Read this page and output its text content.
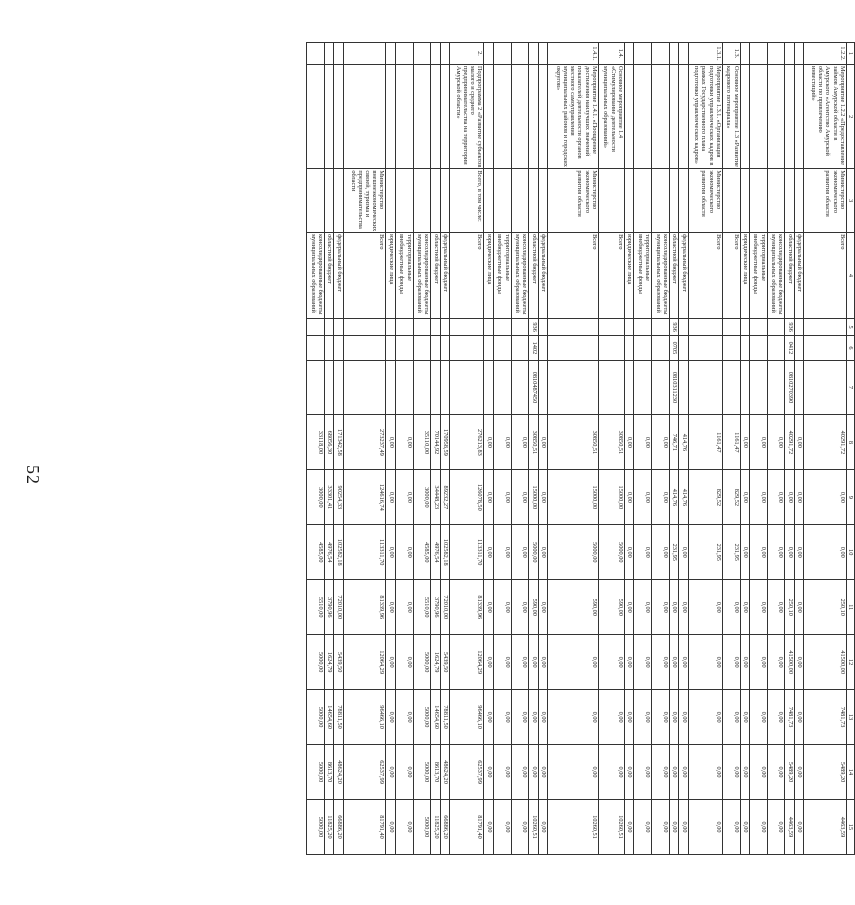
52
1	2	3	4	5	6	7	8	9	10	11	12	13	14	15
1.2.2.	Мероприятие 1.2.2 «Предоставление займов Амурской области в Амурского «Агентство Амурской области по привлечению инвестиций»	Министерство экономического развития области	Всего				40291,72	0,00	0,00	250,10	41500,00	7481,73	5489,20	4463,59
			федеральный бюджет				0,00	0,00	0,00	0,00	0,00	0,00	0,00	0,00
			областной бюджет	936	0412	0810270390	40291,72	0,00	0,00	250,10	41500,00	7481,73	5489,20	4463,59
			консолидированные бюджеты муниципальных образований				0,00	0,00	0,00	0,00	0,00	0,00	0,00	0,00
			территориальные внебюджетные фонды				0,00	0,00	0,00	0,00	0,00	0,00	0,00	0,00
			юридические лица				0,00	0,00	0,00	0,00	0,00	0,00	0,00	0,00
1.3.	Основное мероприятие 1.3 «Развитие кадрового потенциала»		Всего				1161,47	829,52	231,95	0,00	0,00	0,00	0,00	0,00
1.3.1.	Мероприятие 1.3.1. «Организация подготовки управленческих кадров в рамках Государственного плана подготовки управленческих кадров»	Министерство экономического развития области	Всего				1161,47	829,52	231,95	0,00	0,00	0,00	0,00	0,00
			федеральный бюджет				414,76	414,76	0,00	0,00	0,00	0,00	0,00	0,00
			областной бюджет	936	0705	0810311230	746,71	414,76	231,95	0,00	0,00	0,00	0,00	0,00
			консолидированные бюджеты муниципальных образований				0,00	0,00	0,00	0,00	0,00	0,00	0,00	0,00
			территориальные внебюджетные фонды				0,00	0,00	0,00	0,00	0,00	0,00	0,00	0,00
			юридические лица				0,00	0,00	0,00	0,00	0,00	0,00	0,00	0,00
1.4.	Основное мероприятие 1.4 «Стимулирование деятельности муниципальных образований»		Всего				30850,51	15000,00	5000,00	590,00	0,00	0,00	0,00	10260,51
1.4.1.	Мероприятие 1.4.1. «Поощрение достижения наилучших значений показателей деятельности органов местного самоуправления муниципальных районов и городских округов»	Министерство экономического развития области	Всего				30850,51	15000,00	5000,00	590,00	0,00	0,00	0,00	10260,51
			федеральный бюджет				0,00	0,00	0,00	0,00	0,00	0,00	0,00	0,00
			областной бюджет	936	1402	0810487450	30850,51	15000,00	5000,00	590,00	0,00	0,00	0,00	10260,51
			консолидированные бюджеты муниципальных образований				0,00	0,00	0,00	0,00	0,00	0,00	0,00	0,00
			территориальные внебюджетные фонды				0,00	0,00	0,00	0,00	0,00	0,00	0,00	0,00
			юридические лица				0,00	0,00	0,00	0,00	0,00	0,00	0,00	0,00
2.	Подпрограмма 2 «Развитие субъектов малого и среднего предпринимательства на территории Амурской области»	Всего, в том числе:	Всего				276213,83	126078,50	113311,70	81339,96	12064,29	96466,10	62537,99	81791,40
			федеральный бюджет				170958,59	89232,27	102582,18	72010,00	5439,50	78811,50	48624,20	66886,20
			областной бюджет				70144,92	34448,23	4976,54	3790,96	1624,79	14654,60	8613,70	11825,20
			консолидированные бюджеты муниципальных образований				35110,00	3000,00	4585,00	5510,00	5000,00	5000,00	5000,00	5000,00
			территориальные внебюджетные фонды				0,00	0,00	0,00	0,00	0,00	0,00	0,00	0,00
			юридические лица				0,00	0,00	0,00	0,00	0,00	0,00	0,00	0,00
		Министерство внешнеэкономических связей, туризма и предпринимательства области	Всего				273237,49	124616,74	113311,70	81339,96	12064,29	96466,10	62537,99	81791,40
			федеральный бюджет				171342,58	90254,33	102582,18	72010,00	5439,50	78811,50	48624,20	66886,20
			областной бюджет				68056,30	33301,41	4976,54	3790,96	1624,79	14654,60	8613,70	11825,20
			консолидированные бюджеты муниципальных образований				33118,00	3000,00	4585,00	5510,00	5000,00	5000,00	5000,00	5000,00
